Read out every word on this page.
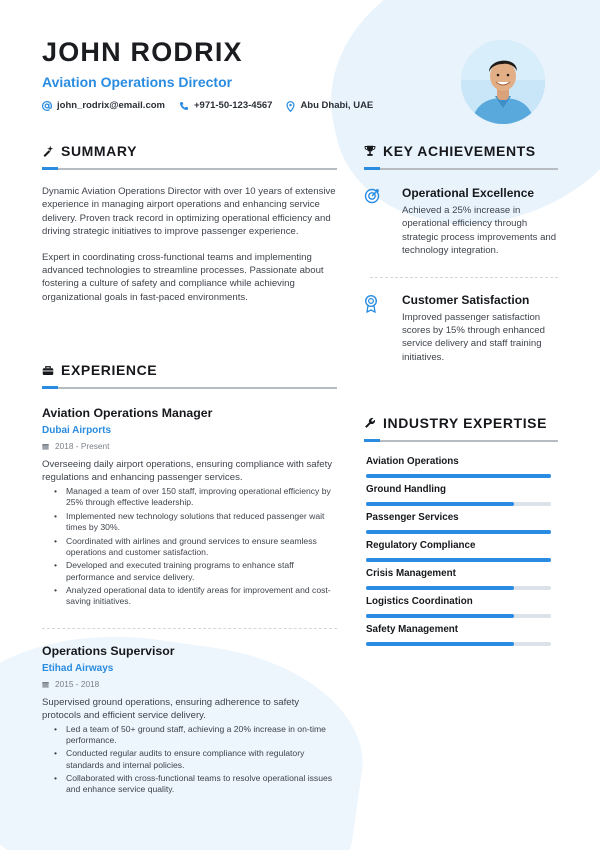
JOHN RODRIX
Aviation Operations Director
john_rodrix@email.com	+971-50-123-4567	Abu Dhabi, UAE
SUMMARY

Dynamic Aviation Operations Director with over 10 years of extensive experience in managing airport operations and enhancing service delivery. Proven track record in optimizing operational efficiency and driving strategic initiatives to improve passenger experience.

Expert in coordinating cross-functional teams and implementing advanced technologies to streamline processes. Passionate about fostering a culture of safety and compliance while achieving organizational goals in fast-paced environments.

EXPERIENCE
Aviation Operations Manager
Dubai Airports
2018 - Present
Overseeing daily airport operations, ensuring compliance with safety regulations and enhancing passenger services.
• Managed a team of over 150 staff, improving operational efficiency by 25% through effective leadership.
• Implemented new technology solutions that reduced passenger wait times by 30%.
• Coordinated with airlines and ground services to ensure seamless operations and customer satisfaction.
• Developed and executed training programs to enhance staff performance and service delivery.
• Analyzed operational data to identify areas for improvement and cost-saving initiatives.
Operations Supervisor
Etihad Airways
2015 - 2018
Supervised ground operations, ensuring adherence to safety protocols and efficient service delivery.
• Led a team of 50+ ground staff, achieving a 20% increase in on-time performance.
• Conducted regular audits to ensure compliance with regulatory standards and internal policies.
• Collaborated with cross-functional teams to resolve operational issues and enhance service quality.
KEY ACHIEVEMENTS
Operational Excellence
Achieved a 25% increase in operational efficiency through strategic process improvements and technology integration.
Customer Satisfaction
Improved passenger satisfaction scores by 15% through enhanced service delivery and staff training initiatives.
INDUSTRY EXPERTISE
Aviation Operations
Ground Handling
Passenger Services
Regulatory Compliance
Crisis Management
Logistics Coordination
Safety Management
